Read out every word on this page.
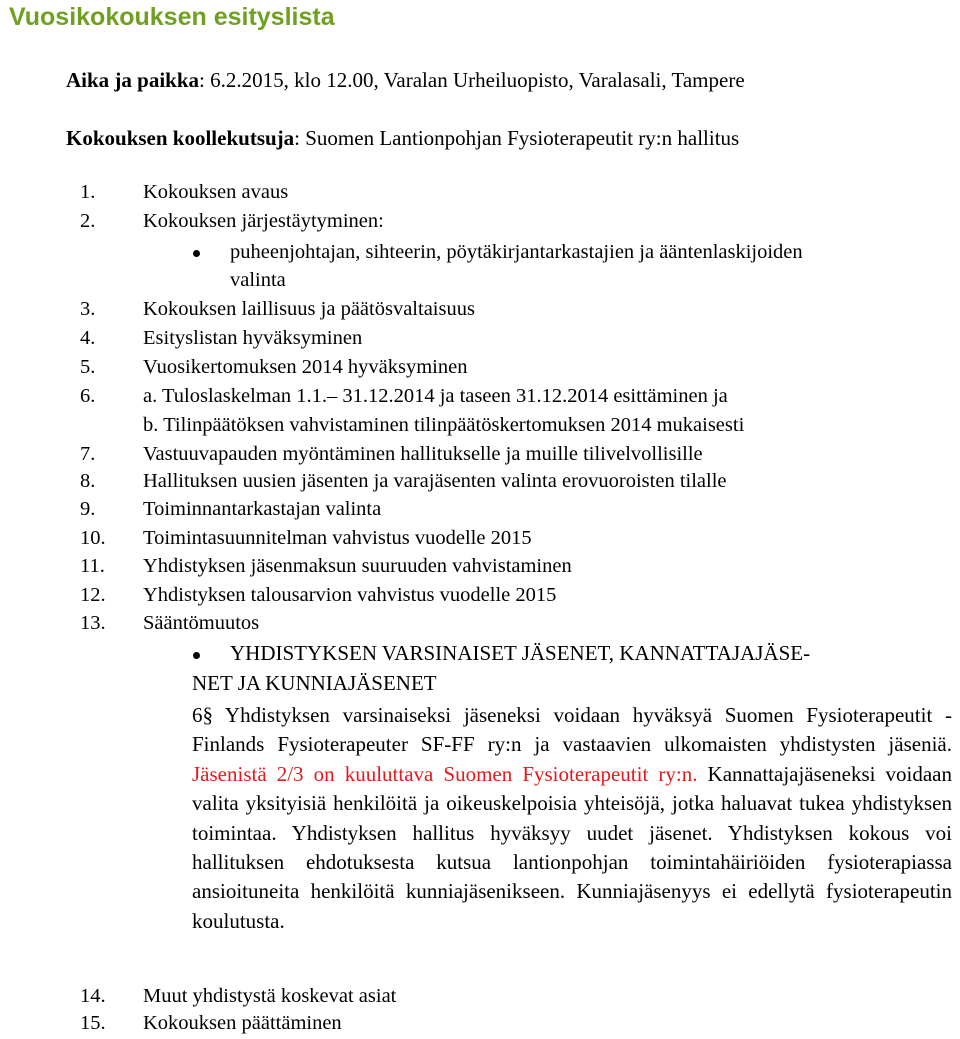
Vuosikokouksen esityslista
Aika ja paikka: 6.2.2015, klo 12.00, Varalan Urheiluopisto, Varalasali, Tampere
Kokouksen koollekutsuja: Suomen Lantionpohjan Fysioterapeutit ry:n hallitus
1. Kokouksen avaus
2. Kokouksen järjestäytyminen:
puheenjohtajan, sihteerin, pöytäkirjantarkastajien ja ääntenlaskijoiden
valinta
3. Kokouksen laillisuus ja päätösvaltaisuus
4. Esityslistan hyväksyminen
5. Vuosikertomuksen 2014 hyväksyminen
6. a. Tuloslaskelman 1.1.– 31.12.2014 ja taseen 31.12.2014 esittäminen ja
b. Tilinpäätöksen vahvistaminen tilinpäätöskertomuksen 2014 mukaisesti
7. Vastuuvapauden myöntäminen hallitukselle ja muille tilivelvollisille
8. Hallituksen uusien jäsenten ja varajäsenten valinta erovuoroisten tilalle
9. Toiminnantarkastajan valinta
10. Toimintasuunnitelman vahvistus vuodelle 2015
11. Yhdistyksen jäsenmaksun suuruuden vahvistaminen
12. Yhdistyksen talousarvion vahvistus vuodelle 2015
13. Sääntömuutos
YHDISTYKSEN VARSINAISET JÄSENET, KANNATTAJAJÄSE-
NET JA KUNNIAJÄSENET
6§ Yhdistyksen varsinaiseksi jäseneksi voidaan hyväksyä Suomen Fysioterapeutit - Finlands Fysioterapeuter SF-FF ry:n ja vastaavien ulkomaisten yhdistysten jäseniä. Jäsenistä 2/3 on kuuluttava Suomen Fysioterapeutit ry:n. Kannattajajäseneksi voidaan valita yksityisiä henkilöitä ja oikeuskelpoisia yhteisöjä, jotka haluavat tukea yhdistyksen toimintaa. Yhdistyksen hallitus hyväksyy uudet jäsenet. Yhdistyksen kokous voi hallituksen ehdotuksesta kutsua lantionpohjan toimintahäiriöiden fysioterapiassa ansioituneita henkilöitä kunniajäsenikseen. Kunniajäsenyys ei edellytä fysioterapeutin koulutusta.
14. Muut yhdistystä koskevat asiat
15. Kokouksen päättäminen
